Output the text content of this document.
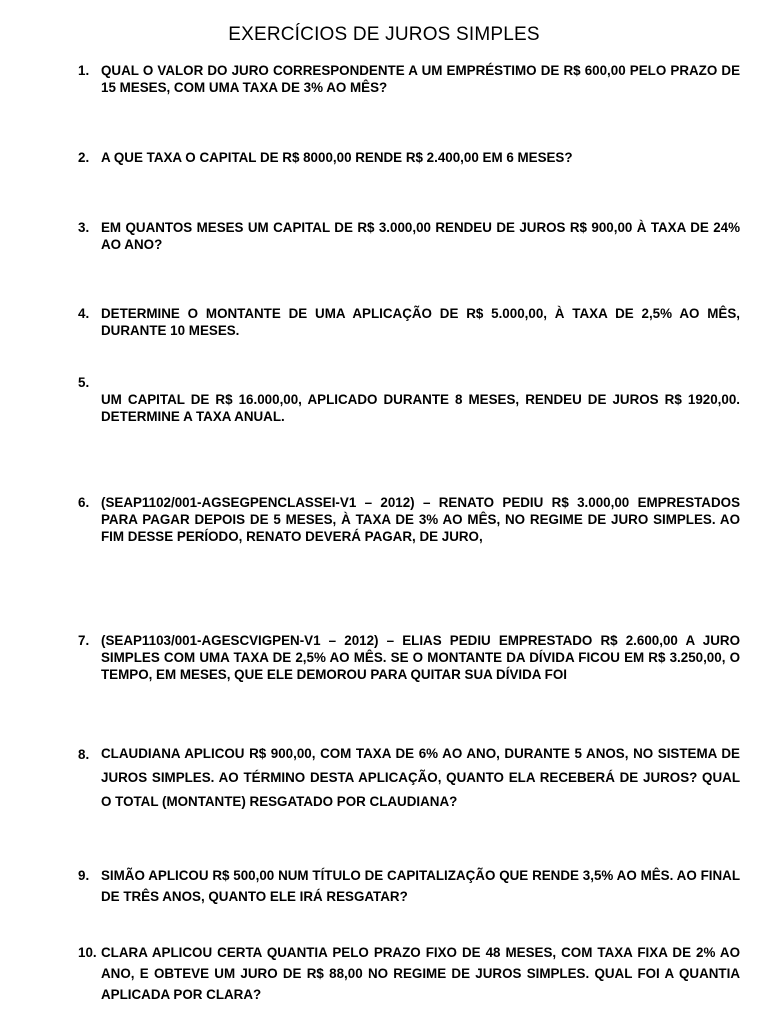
EXERCÍCIOS DE JUROS SIMPLES
1. QUAL O VALOR DO JURO CORRESPONDENTE A UM EMPRÉSTIMO DE R$ 600,00 PELO PRAZO DE 15 MESES, COM UMA TAXA DE 3% AO MÊS?
2. A QUE TAXA O CAPITAL DE R$ 8000,00 RENDE R$ 2.400,00 EM 6 MESES?
3. EM QUANTOS MESES UM CAPITAL DE R$ 3.000,00 RENDEU DE JUROS R$ 900,00 À TAXA DE 24% AO ANO?
4. DETERMINE O MONTANTE DE UMA APLICAÇÃO DE R$ 5.000,00, À TAXA DE 2,5% AO MÊS, DURANTE 10 MESES.
5.
UM CAPITAL DE R$ 16.000,00, APLICADO DURANTE 8 MESES, RENDEU DE JUROS R$ 1920,00. DETERMINE A TAXA ANUAL.
6. (SEAP1102/001-AGSEGPENCLASSEI-V1 – 2012) – RENATO PEDIU R$ 3.000,00 EMPRESTADOS PARA PAGAR DEPOIS DE 5 MESES, À TAXA DE 3% AO MÊS, NO REGIME DE JURO SIMPLES. AO FIM DESSE PERÍODO, RENATO DEVERÁ PAGAR, DE JURO,
7. (SEAP1103/001-AGESCVIGPEN-V1 – 2012) – ELIAS PEDIU EMPRESTADO R$ 2.600,00 A JURO SIMPLES COM UMA TAXA DE 2,5% AO MÊS. SE O MONTANTE DA DÍVIDA FICOU EM R$ 3.250,00, O TEMPO, EM MESES, QUE ELE DEMOROU PARA QUITAR SUA DÍVIDA FOI
8. CLAUDIANA APLICOU R$ 900,00, COM TAXA DE 6% AO ANO, DURANTE 5 ANOS, NO SISTEMA DE JUROS SIMPLES. AO TÉRMINO DESTA APLICAÇÃO, QUANTO ELA RECEBERÁ DE JUROS? QUAL O TOTAL (MONTANTE) RESGATADO POR CLAUDIANA?
9. SIMÃO APLICOU R$ 500,00 NUM TÍTULO DE CAPITALIZAÇÃO QUE RENDE 3,5% AO MÊS. AO FINAL DE TRÊS ANOS, QUANTO ELE IRÁ RESGATAR?
10. CLARA APLICOU CERTA QUANTIA PELO PRAZO FIXO DE 48 MESES, COM TAXA FIXA DE 2% AO ANO, E OBTEVE UM JURO DE R$ 88,00 NO REGIME DE JUROS SIMPLES. QUAL FOI A QUANTIA APLICADA POR CLARA?
